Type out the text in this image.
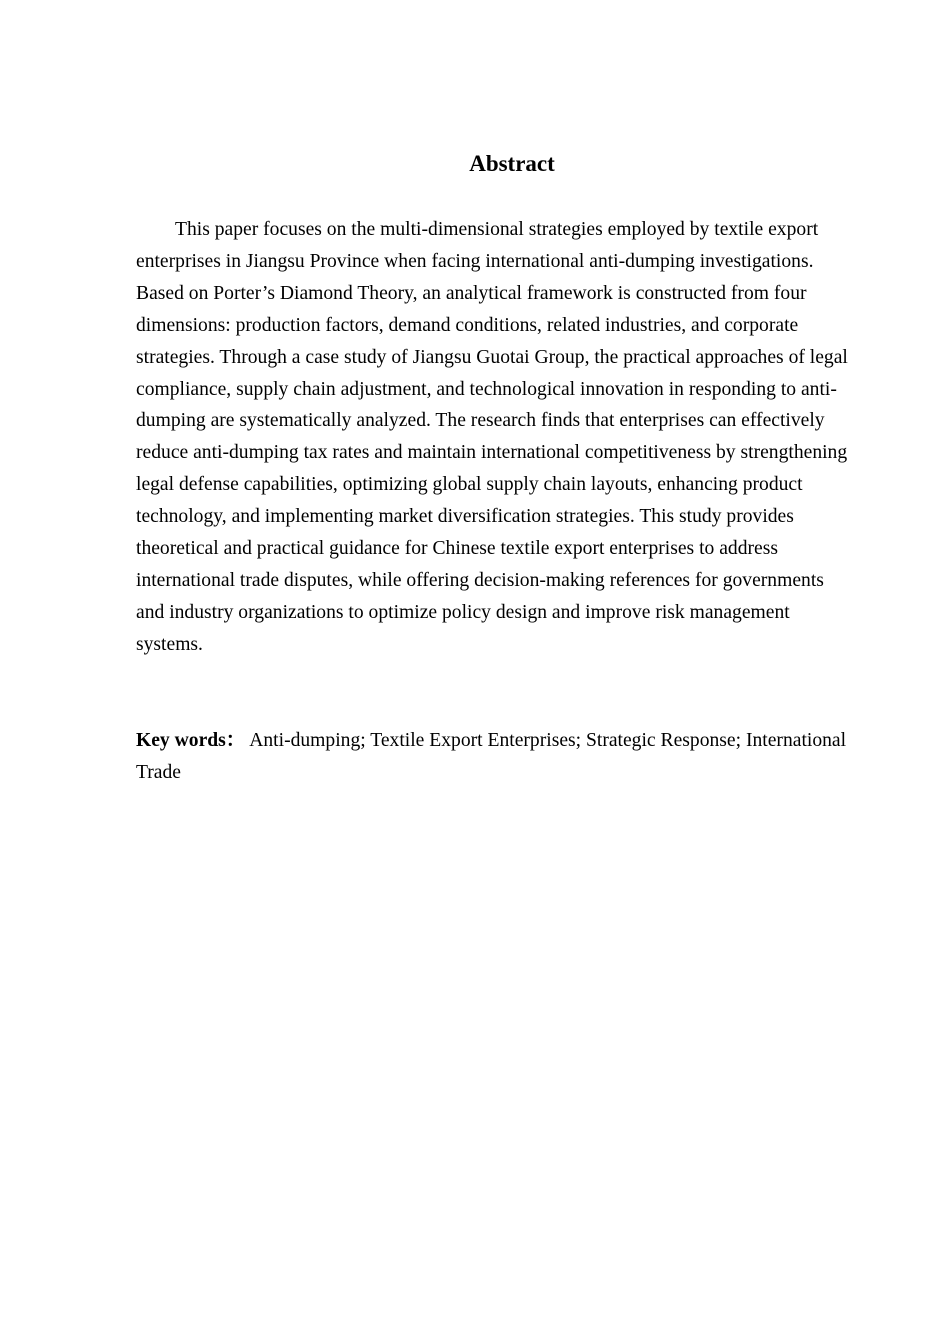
Abstract

This paper focuses on the multi-dimensional strategies employed by textile export enterprises in Jiangsu Province when facing international anti-dumping investigations. Based on Porter’s Diamond Theory, an analytical framework is constructed from four dimensions: production factors, demand conditions, related industries, and corporate strategies. Through a case study of Jiangsu Guotai Group, the practical approaches of legal compliance, supply chain adjustment, and technological innovation in responding to anti-dumping are systematically analyzed. The research finds that enterprises can effectively reduce anti-dumping tax rates and maintain international competitiveness by strengthening legal defense capabilities, optimizing global supply chain layouts, enhancing product technology, and implementing market diversification strategies. This study provides theoretical and practical guidance for Chinese textile export enterprises to address international trade disputes, while offering decision-making references for governments and industry organizations to optimize policy design and improve risk management systems.

Key words： Anti-dumping; Textile Export Enterprises; Strategic Response; International Trade
